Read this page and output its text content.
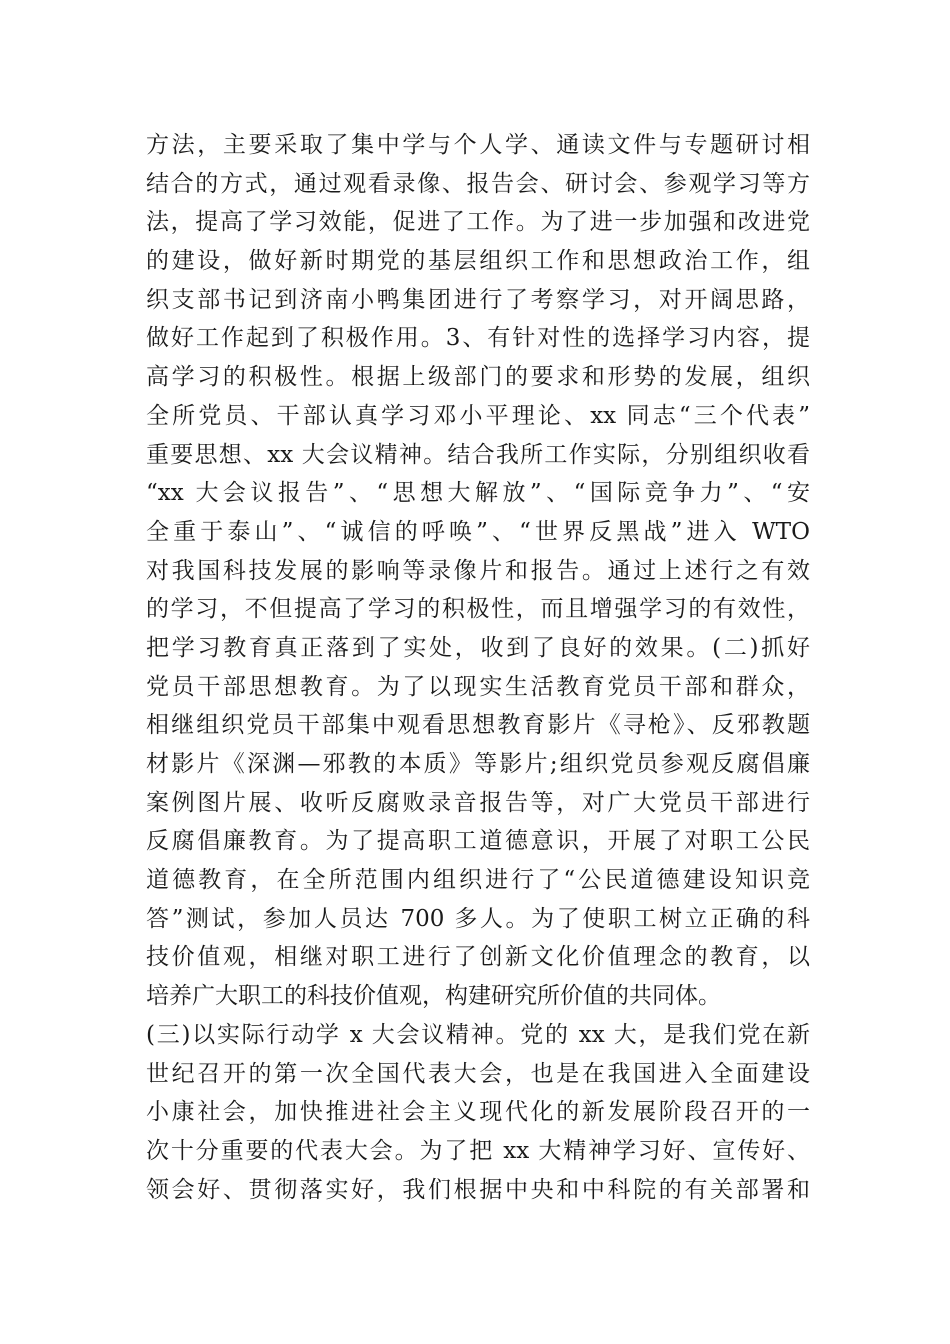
方法，主要采取了集中学与个人学、通读文件与专题研讨相
结合的方式，通过观看录像、报告会、研讨会、参观学习等方
法，提高了学习效能，促进了工作。为了进一步加强和改进党
的建设，做好新时期党的基层组织工作和思想政治工作，组
织支部书记到济南小鸭集团进行了考察学习，对开阔思路，
做好工作起到了积极作用。3、有针对性的选择学习内容，提
高学习的积极性。根据上级部门的要求和形势的发展，组织
全所党员、干部认真学习邓小平理论、xx 同志“三个代表”
重要思想、xx 大会议精神。结合我所工作实际，分别组织收看
“xx 大会议报告”、“思想大解放”、“国际竞争力”、“安
全重于泰山”、“诚信的呼唤”、“世界反黑战”进入 WTO
对我国科技发展的影响等录像片和报告。通过上述行之有效
的学习，不但提高了学习的积极性，而且增强学习的有效性，
把学习教育真正落到了实处，收到了良好的效果。(二)抓好
党员干部思想教育。为了以现实生活教育党员干部和群众，
相继组织党员干部集中观看思想教育影片《寻枪》、反邪教题
材影片《深渊—邪教的本质》等影片;组织党员参观反腐倡廉
案例图片展、收听反腐败录音报告等，对广大党员干部进行
反腐倡廉教育。为了提高职工道德意识，开展了对职工公民
道德教育，在全所范围内组织进行了“公民道德建设知识竞
答”测试，参加人员达 700 多人。为了使职工树立正确的科
技价值观，相继对职工进行了创新文化价值理念的教育，以
培养广大职工的科技价值观，构建研究所价值的共同体。
(三)以实际行动学 x 大会议精神。党的 xx 大，是我们党在新
世纪召开的第一次全国代表大会，也是在我国进入全面建设
小康社会，加快推进社会主义现代化的新发展阶段召开的一
次十分重要的代表大会。为了把 xx 大精神学习好、宣传好、
领会好、贯彻落实好，我们根据中央和中科院的有关部署和
